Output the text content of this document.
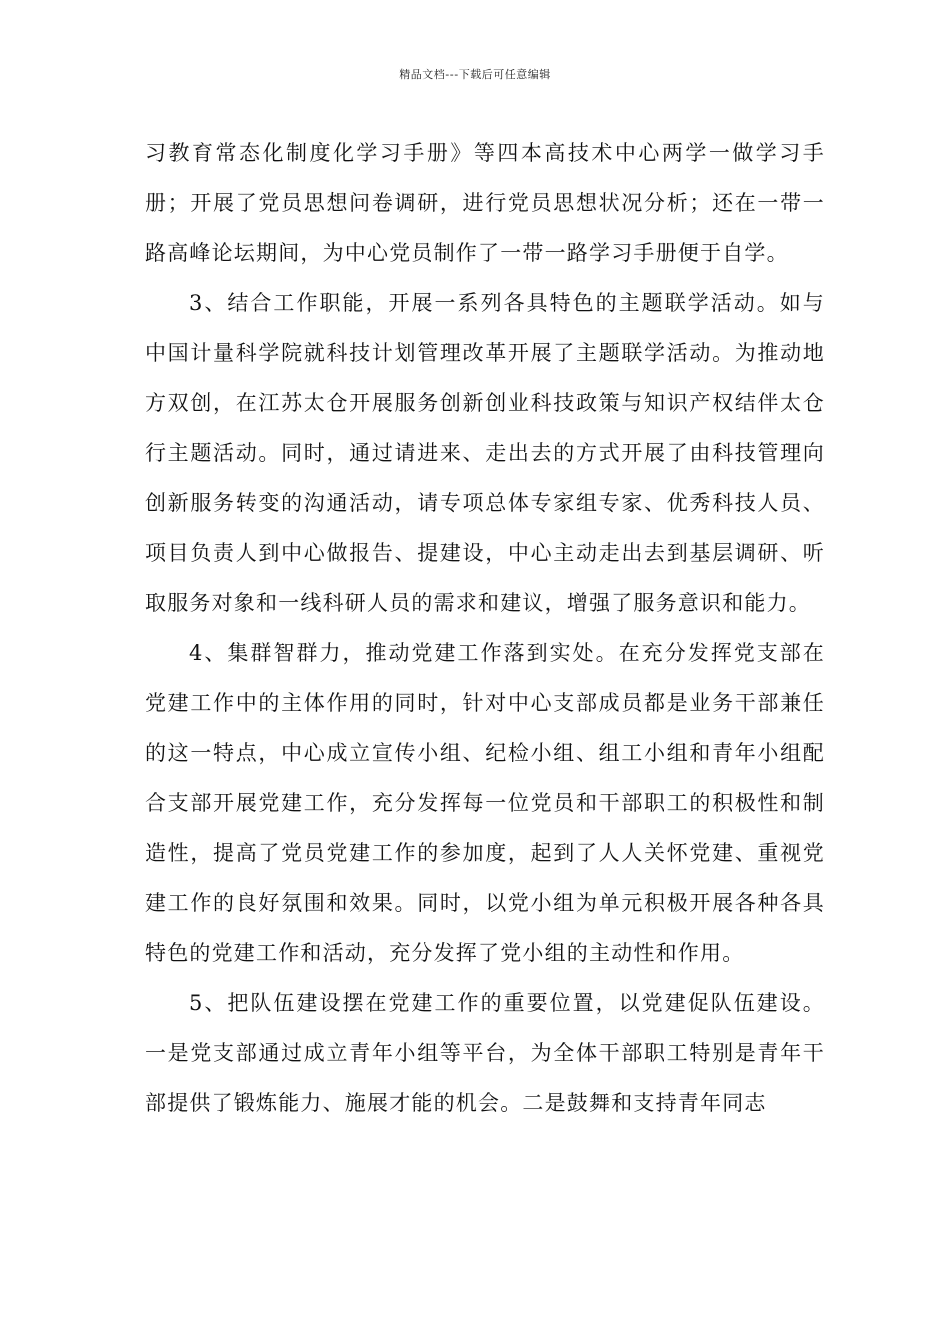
精品文档---下载后可任意编辑

习教育常态化制度化学习手册》等四本高技术中心两学一做学习手册；开展了党员思想问卷调研，进行党员思想状况分析；还在一带一路高峰论坛期间，为中心党员制作了一带一路学习手册便于自学。

3、结合工作职能，开展一系列各具特色的主题联学活动。如与中国计量科学院就科技计划管理改革开展了主题联学活动。为推动地方双创，在江苏太仓开展服务创新创业科技政策与知识产权结伴太仓行主题活动。同时，通过请进来、走出去的方式开展了由科技管理向创新服务转变的沟通活动，请专项总体专家组专家、优秀科技人员、项目负责人到中心做报告、提建设，中心主动走出去到基层调研、听取服务对象和一线科研人员的需求和建议，增强了服务意识和能力。

4、集群智群力，推动党建工作落到实处。在充分发挥党支部在党建工作中的主体作用的同时，针对中心支部成员都是业务干部兼任的这一特点，中心成立宣传小组、纪检小组、组工小组和青年小组配合支部开展党建工作，充分发挥每一位党员和干部职工的积极性和制造性，提高了党员党建工作的参加度，起到了人人关怀党建、重视党建工作的良好氛围和效果。同时，以党小组为单元积极开展各种各具特色的党建工作和活动，充分发挥了党小组的主动性和作用。

5、把队伍建设摆在党建工作的重要位置，以党建促队伍建设。一是党支部通过成立青年小组等平台，为全体干部职工特别是青年干部提供了锻炼能力、施展才能的机会。二是鼓舞和支持青年同志
